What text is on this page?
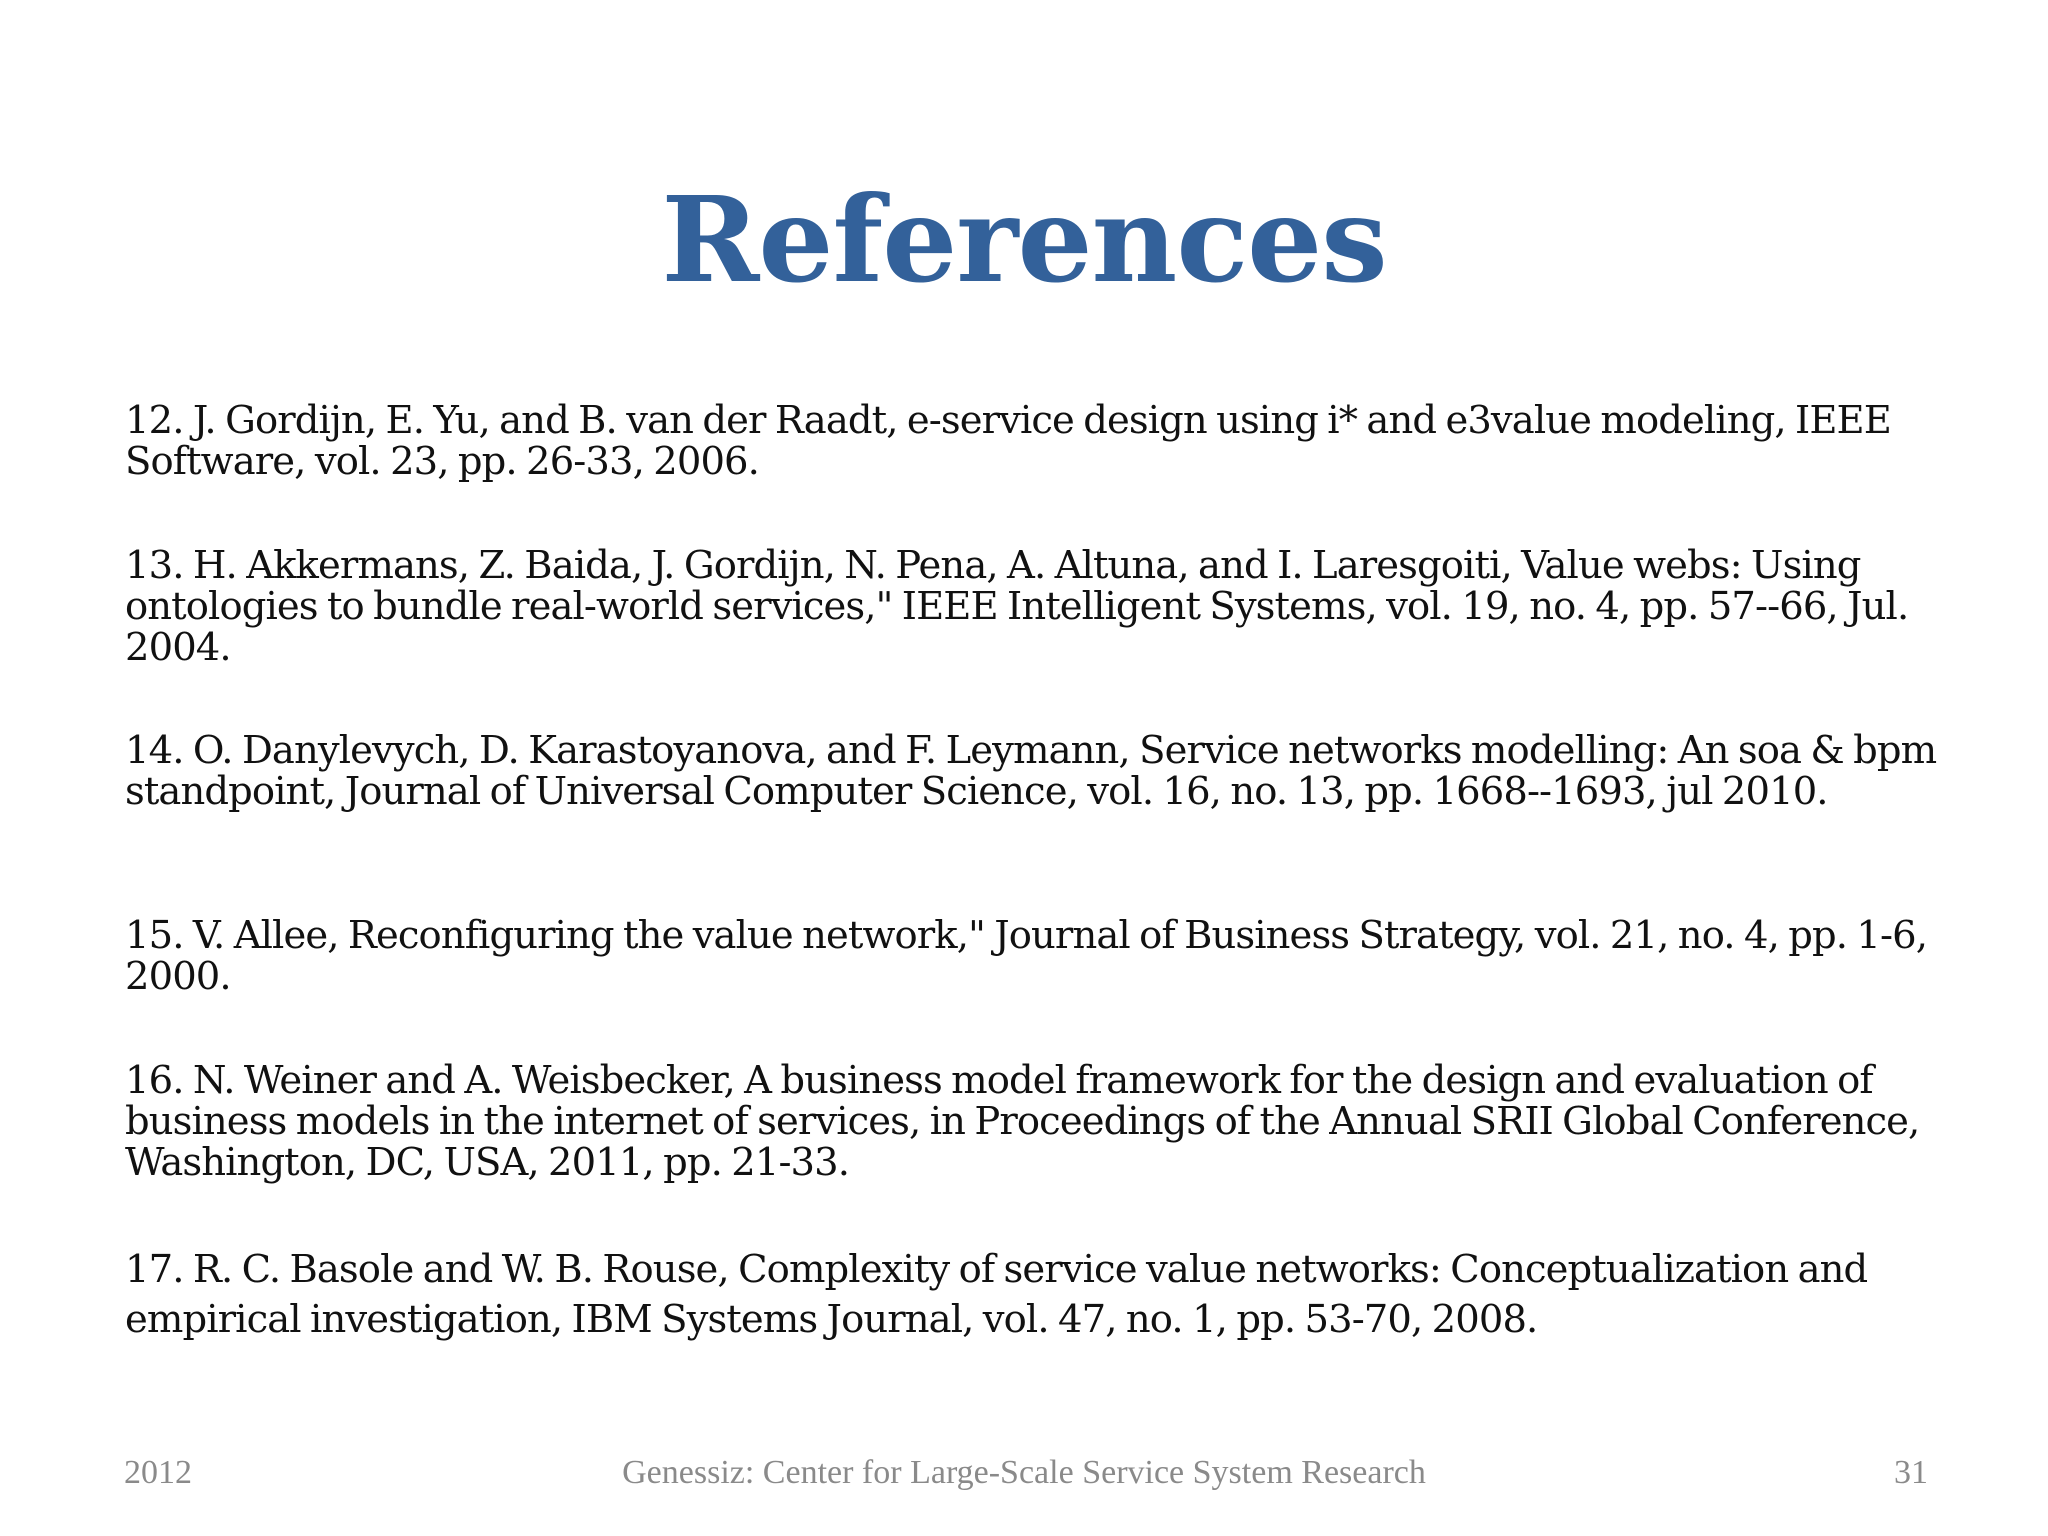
References
12. J. Gordijn, E. Yu, and B. van der Raadt, e-service design using i* and e3value modeling, IEEE Software, vol. 23, pp. 26-33, 2006.
13. H. Akkermans, Z. Baida, J. Gordijn, N. Pena, A. Altuna, and I. Laresgoiti, Value webs: Using ontologies to bundle real-world services," IEEE Intelligent Systems, vol. 19, no. 4, pp. 57--66, Jul. 2004.
14. O. Danylevych, D. Karastoyanova, and F. Leymann, Service networks modelling: An soa & bpm standpoint, Journal of Universal Computer Science, vol. 16, no. 13, pp. 1668--1693, jul 2010.
15. V. Allee, Reconfiguring the value network," Journal of Business Strategy, vol. 21, no. 4, pp. 1-6, 2000.
16. N. Weiner and A. Weisbecker, A business model framework for the design and evaluation of business models in the internet of services, in Proceedings of the Annual SRII Global Conference, Washington, DC, USA, 2011, pp. 21-33.
17. R. C. Basole and W. B. Rouse, Complexity of service value networks: Conceptualization and empirical investigation, IBM Systems Journal, vol. 47, no. 1, pp. 53-70, 2008.
2012	Genessiz: Center for Large-Scale Service System Research	31
